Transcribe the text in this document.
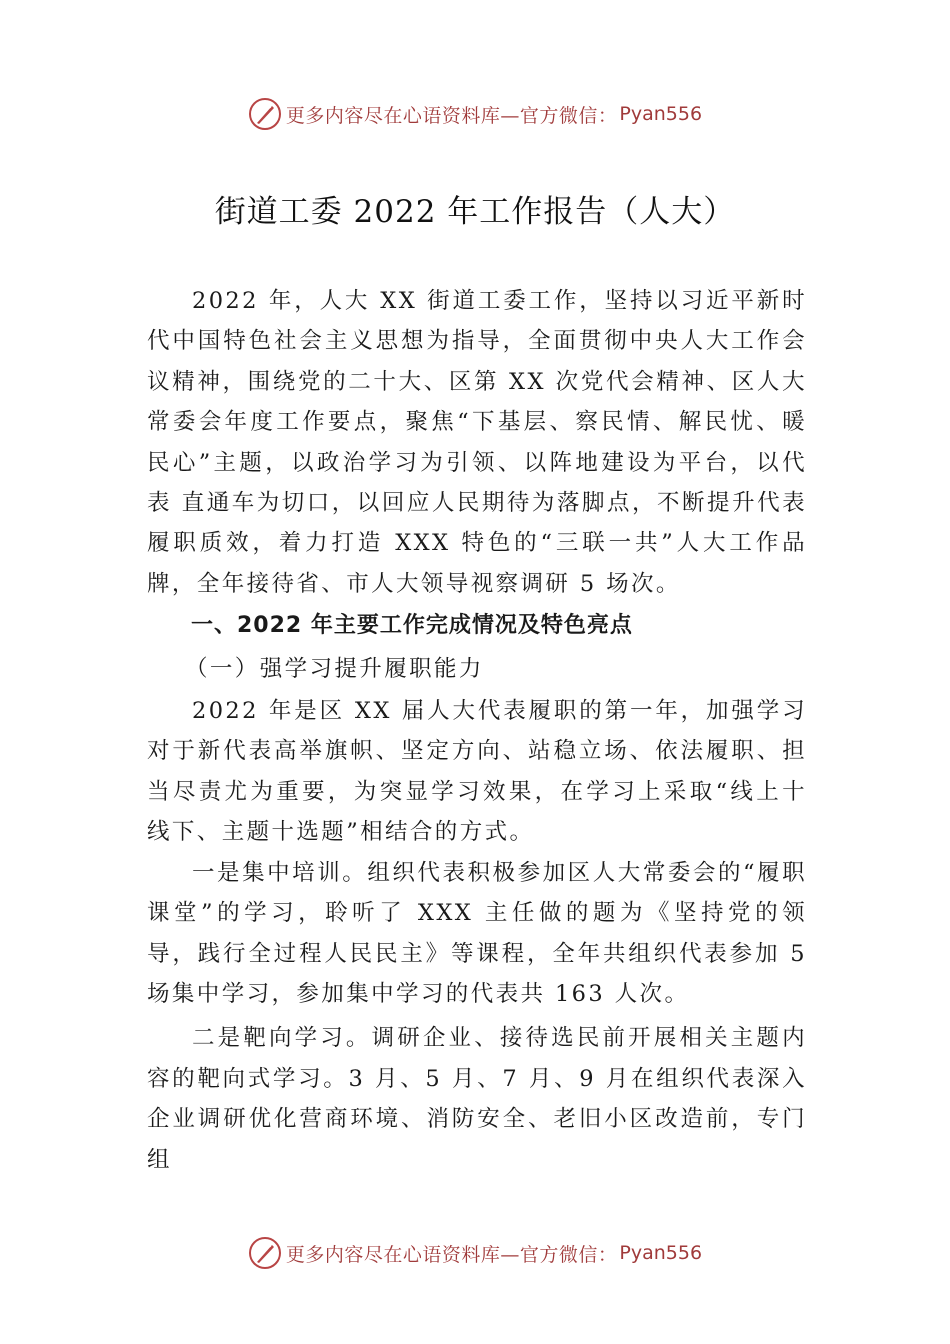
更多内容尽在心语资料库—官方微信： Pyan556
街道工委 2022 年工作报告（人大）

2022 年，人大 XX 街道工委工作，坚持以习近平新时代中国特色社会主义思想为指导，全面贯彻中央人大工作会议精神，围绕党的二十大、区第 XX 次党代会精神、区人大常委会年度工作要点，聚焦“下基层、察民情、解民忧、暖民心”主题，以政治学习为引领、以阵地建设为平台，以代表 直通车为切口，以回应人民期待为落脚点，不断提升代表履职质效，着力打造 XXX 特色的“三联一共”人大工作品牌，全年接待省、市人大领导视察调研 5 场次。

一、2022 年主要工作完成情况及特色亮点

（一）强学习提升履职能力

2022 年是区 XX 届人大代表履职的第一年，加强学习对于新代表高举旗帜、坚定方向、站稳立场、依法履职、担当尽责尤为重要，为突显学习效果，在学习上采取“线上十线下、主题十选题”相结合的方式。

一是集中培训。组织代表积极参加区人大常委会的“履职课堂”的学习，聆听了 XXX 主任做的题为《坚持党的领导，践行全过程人民民主》等课程，全年共组织代表参加 5 场集中学习，参加集中学习的代表共 163 人次。

二是靶向学习。调研企业、接待选民前开展相关主题内容的靶向式学习。3 月、5 月、7 月、9 月在组织代表深入企业调研优化营商环境、消防安全、老旧小区改造前，专门组

更多内容尽在心语资料库—官方微信： Pyan556
